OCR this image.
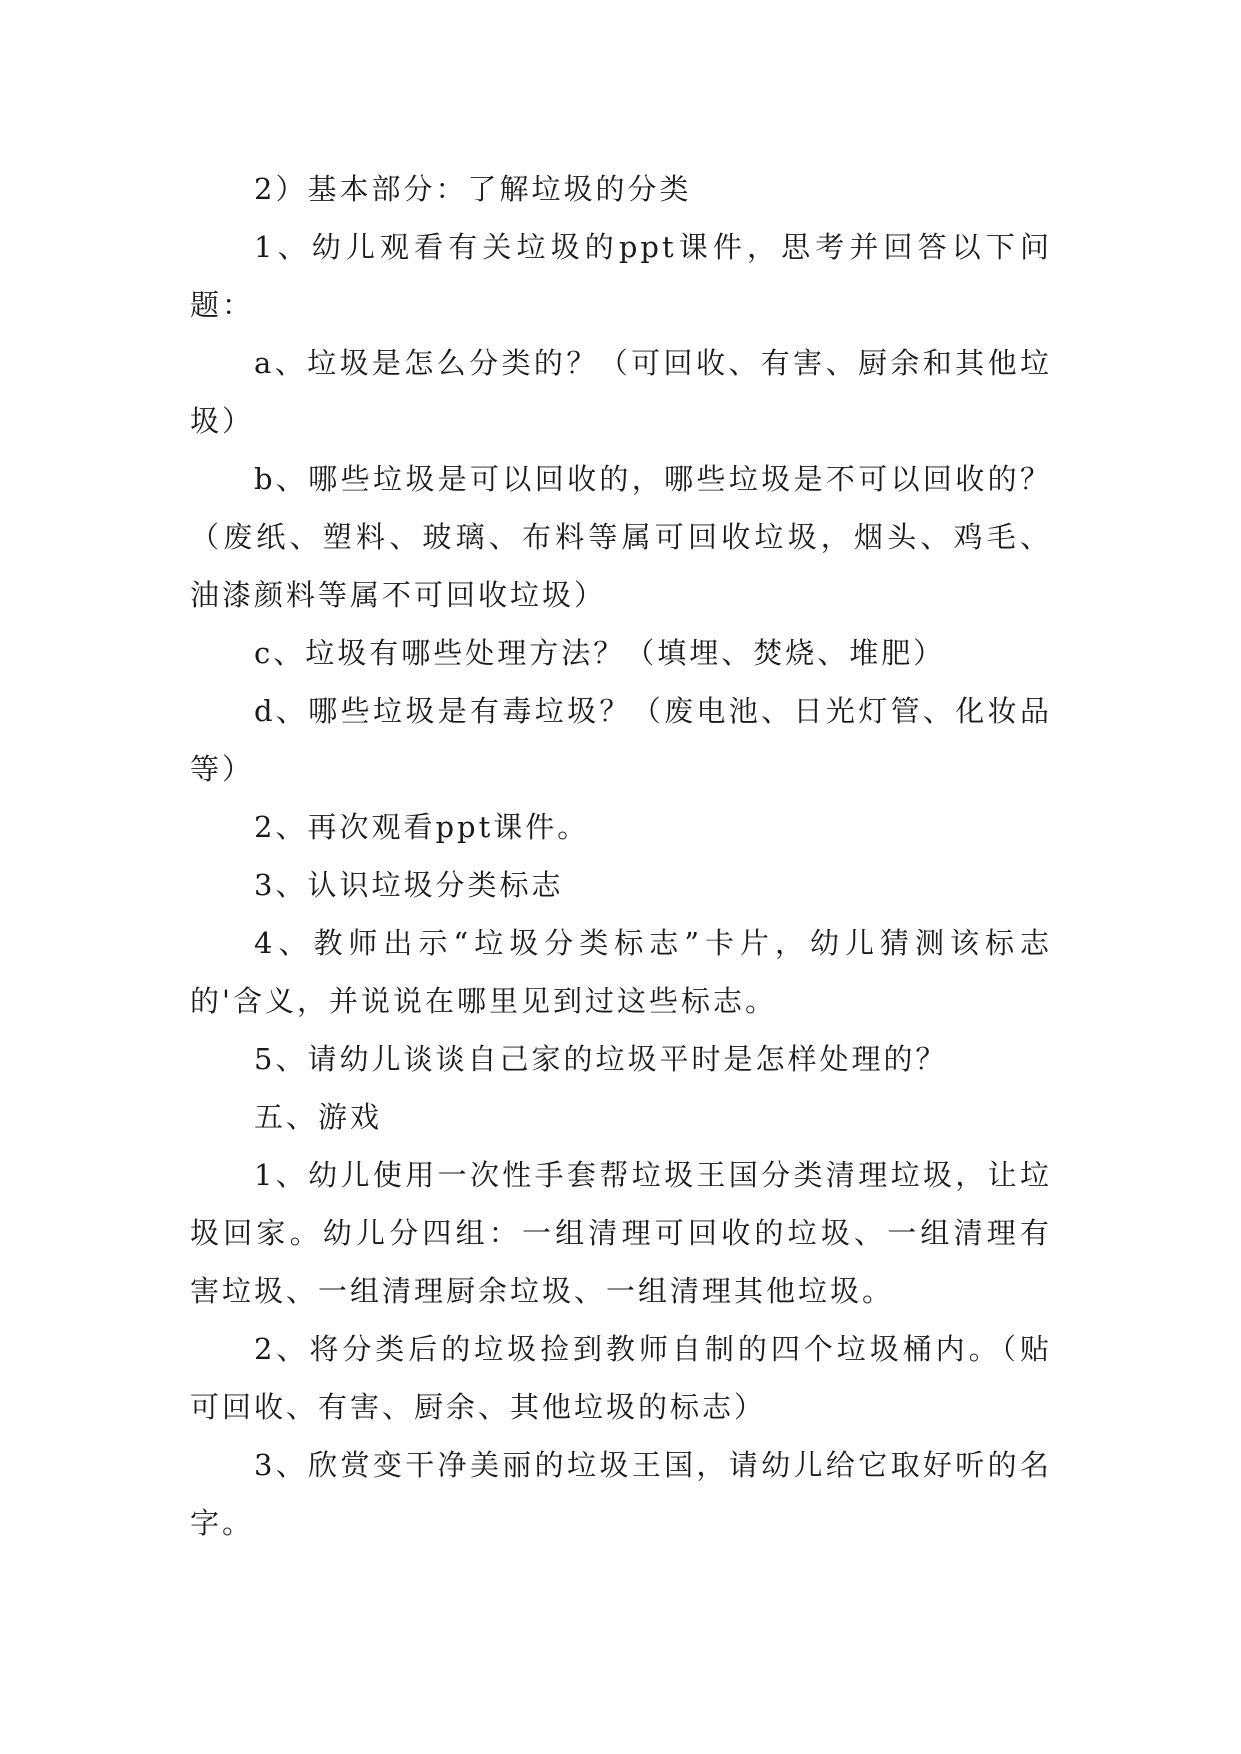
2）基本部分：了解垃圾的分类

1、幼儿观看有关垃圾的ppt课件，思考并回答以下问题：

a、垃圾是怎么分类的？（可回收、有害、厨余和其他垃圾）

b、哪些垃圾是可以回收的，哪些垃圾是不可以回收的？（废纸、塑料、玻璃、布料等属可回收垃圾，烟头、鸡毛、油漆颜料等属不可回收垃圾）

c、垃圾有哪些处理方法？（填埋、焚烧、堆肥）

d、哪些垃圾是有毒垃圾？（废电池、日光灯管、化妆品等）

2、再次观看ppt课件。

3、认识垃圾分类标志

4、教师出示“垃圾分类标志”卡片，幼儿猜测该标志的'含义，并说说在哪里见到过这些标志。

5、请幼儿谈谈自己家的垃圾平时是怎样处理的？

五、游戏

1、幼儿使用一次性手套帮垃圾王国分类清理垃圾，让垃圾回家。幼儿分四组：一组清理可回收的垃圾、一组清理有害垃圾、一组清理厨余垃圾、一组清理其他垃圾。

2、将分类后的垃圾捡到教师自制的四个垃圾桶内。（贴可回收、有害、厨余、其他垃圾的标志）

3、欣赏变干净美丽的垃圾王国，请幼儿给它取好听的名字。
